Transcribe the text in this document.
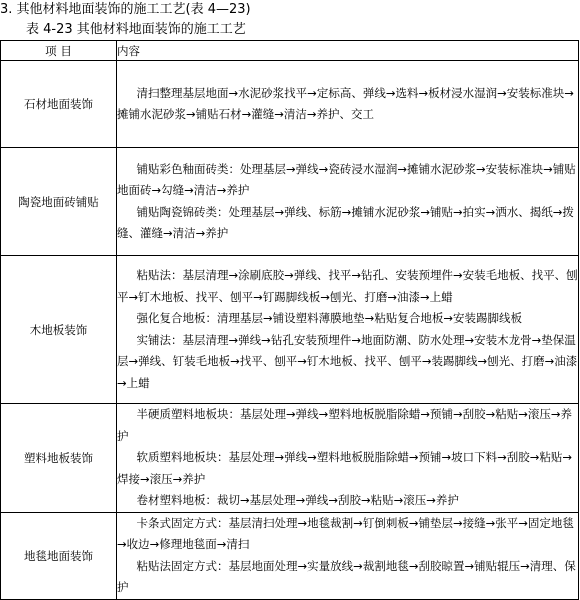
3. 其他材料地面装饰的施工工艺(表 4—23)
表 4-23 其他材料地面装饰的施工工艺
项 目	内容
石材地面装饰	清扫整理基层地面→水泥砂浆找平→定标高、弹线→选料→板材浸水湿润→安装标准块→摊铺水泥砂浆→铺贴石材→灌缝→清洁→养护、交工

陶瓷地面砖铺贴	铺贴彩色釉面砖类：处理基层→弹线→瓷砖浸水湿润→摊铺水泥砂浆→安装标准块→铺贴地面砖→勾缝→清洁→养护

铺贴陶瓷锦砖类：处理基层→弹线、标筋→摊铺水泥砂浆→铺贴→拍实→洒水、揭纸→拨缝、灌缝→清洁→养护

木地板装饰	粘贴法：基层清理→涂刷底胶→弹线、找平→钻孔、安装预埋件→安装毛地板、找平、刨平→钉木地板、找平、刨平→钉踢脚线板→刨光、打磨→油漆→上蜡

强化复合地板：清理基层→铺设塑料薄膜地垫→粘贴复合地板→安装踢脚线板

实铺法：基层清理→弹线→钻孔安装预埋件→地面防潮、防水处理→安装木龙骨→垫保温层→弹线、钉装毛地板→找平、刨平→钉木地板、找平、刨平→装踢脚线→刨光、打磨→油漆→上蜡

塑料地板装饰	半硬质塑料地板块：基层处理→弹线→塑料地板脱脂除蜡→预铺→刮胶→粘贴→滚压→养护

软质塑料地板块：基层处理→弹线→塑料地板脱脂除蜡→预铺→坡口下料→刮胶→粘贴→焊接→滚压→养护

卷材塑料地板：裁切→基层处理→弹线→刮胶→粘贴→滚压→养护

地毯地面装饰	卡条式固定方式：基层清扫处理→地毯裁割→钉倒刺板→铺垫层→接缝→张平→固定地毯→收边→修理地毯面→清扫

粘贴法固定方式：基层地面处理→实量放线→裁割地毯→刮胶晾置→铺贴辊压→清理、保护
